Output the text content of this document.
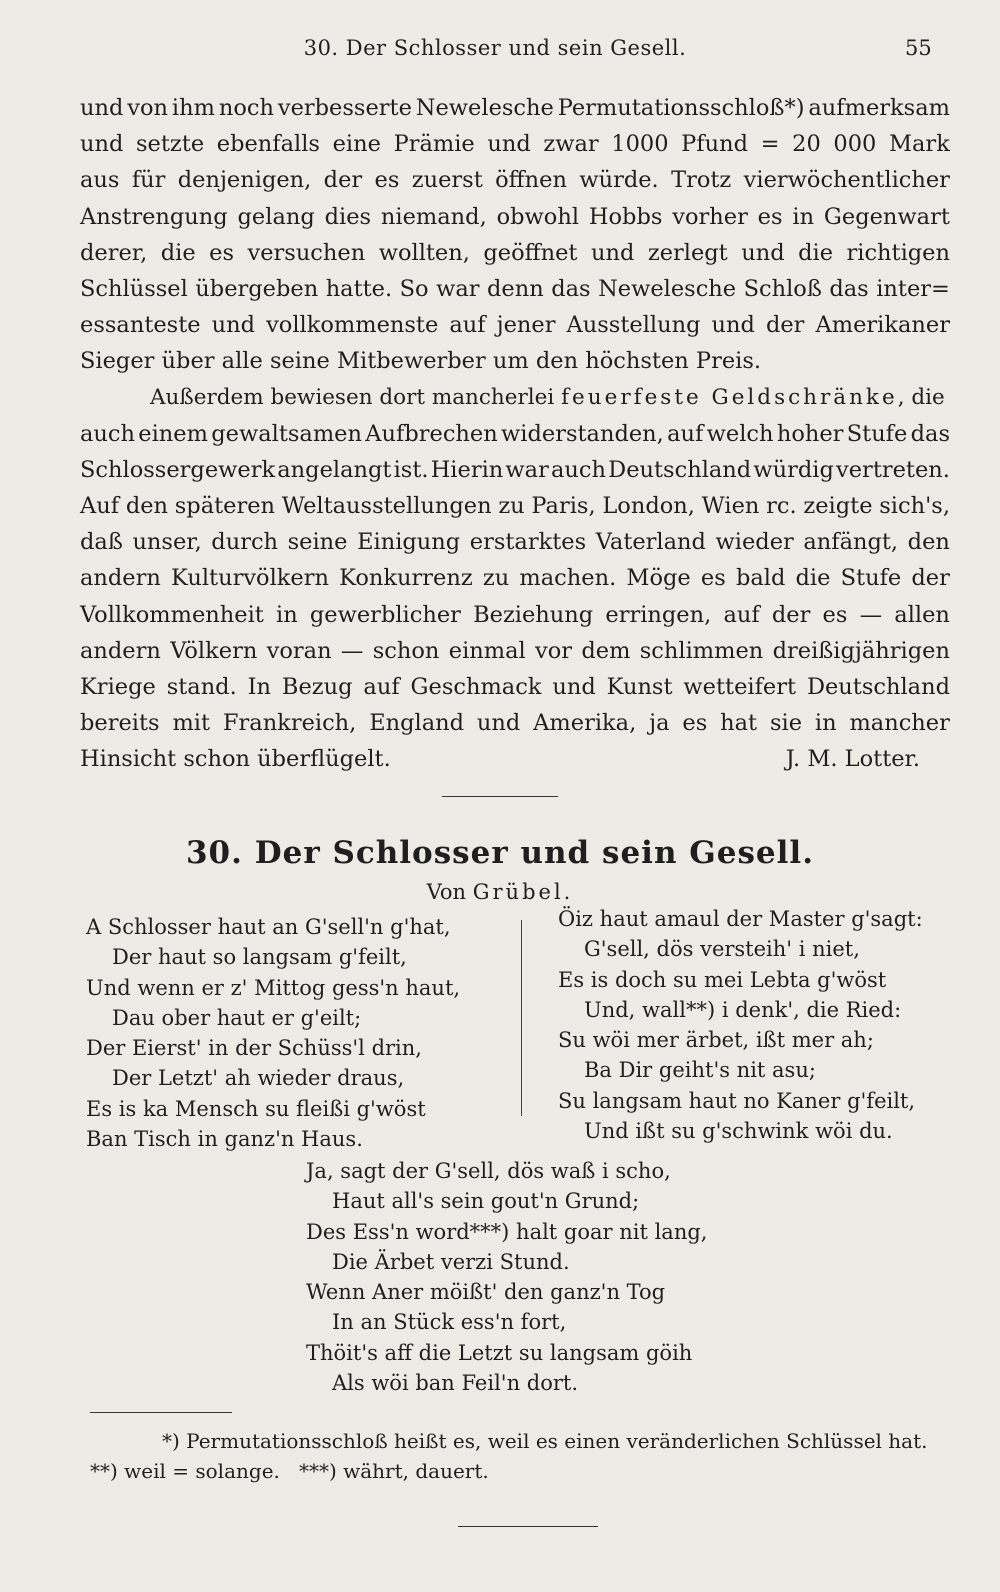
30. Der Schlosser und sein Gesell.	55
und von ihm noch verbesserte Newelesche Permutationsschloß*) aufmerksam
und setzte ebenfalls eine Prämie und zwar 1000 Pfund = 20 000 Mark
aus für denjenigen, der es zuerst öffnen würde. Trotz vierwöchentlicher
Anstrengung gelang dies niemand, obwohl Hobbs vorher es in Gegenwart
derer, die es versuchen wollten, geöffnet und zerlegt und die richtigen
Schlüssel übergeben hatte. So war denn das Newelesche Schloß das inter=
essanteste und vollkommenste auf jener Ausstellung und der Amerikaner
Sieger über alle seine Mitbewerber um den höchsten Preis.
Außerdem bewiesen dort mancherlei
feuerfeste Geldschränke , die
auch einem gewaltsamen Aufbrechen widerstanden, auf welch hoher Stufe das
Schlossergewerk angelangt ist. Hierin war auch Deutschland würdig vertreten.
Auf den späteren Weltausstellungen zu Paris, London, Wien rc. zeigte sich's,
daß unser, durch seine Einigung erstarktes Vaterland wieder anfängt, den
andern Kulturvölkern Konkurrenz zu machen. Möge es bald die Stufe der
Vollkommenheit in gewerblicher Beziehung erringen, auf der es — allen
andern Völkern voran — schon einmal vor dem schlimmen dreißigjährigen
Kriege stand. In Bezug auf Geschmack und Kunst wetteifert Deutschland
bereits mit Frankreich, England und Amerika, ja es hat sie in mancher
Hinsicht schon überflügelt.	J. M. Lotter.
30. Der Schlosser und sein Gesell.
Von Grübel.
A Schlosser haut an G'sell'n g'hat,
Der haut so langsam g'feilt,
Und wenn er z' Mittog gess'n haut,
Dau ober haut er g'eilt;
Der Eierst' in der Schüss'l drin,
Der Letzt' ah wieder draus,
Es is ka Mensch su fleißi g'wöst
Ban Tisch in ganz'n Haus.
Öiz haut amaul der Master g'sagt:
G'sell, dös versteih' i niet,
Es is doch su mei Lebta g'wöst
Und, wall**) i denk', die Ried:
Su wöi mer ärbet, ißt mer ah;
Ba Dir geiht's nit asu;
Su langsam haut no Kaner g'feilt,
Und ißt su g'schwink wöi du.
Ja, sagt der G'sell, dös waß i scho,
Haut all's sein gout'n Grund;
Des Ess'n word***) halt goar nit lang,
Die Ärbet verzi Stund.
Wenn Aner möißt' den ganz'n Tog
In an Stück ess'n fort,
Thöit's aff die Letzt su langsam göih
Als wöi ban Feil'n dort.
*) Permutationsschloß heißt es, weil es einen veränderlichen Schlüssel hat.
**) weil = solange.   ***) währt, dauert.
